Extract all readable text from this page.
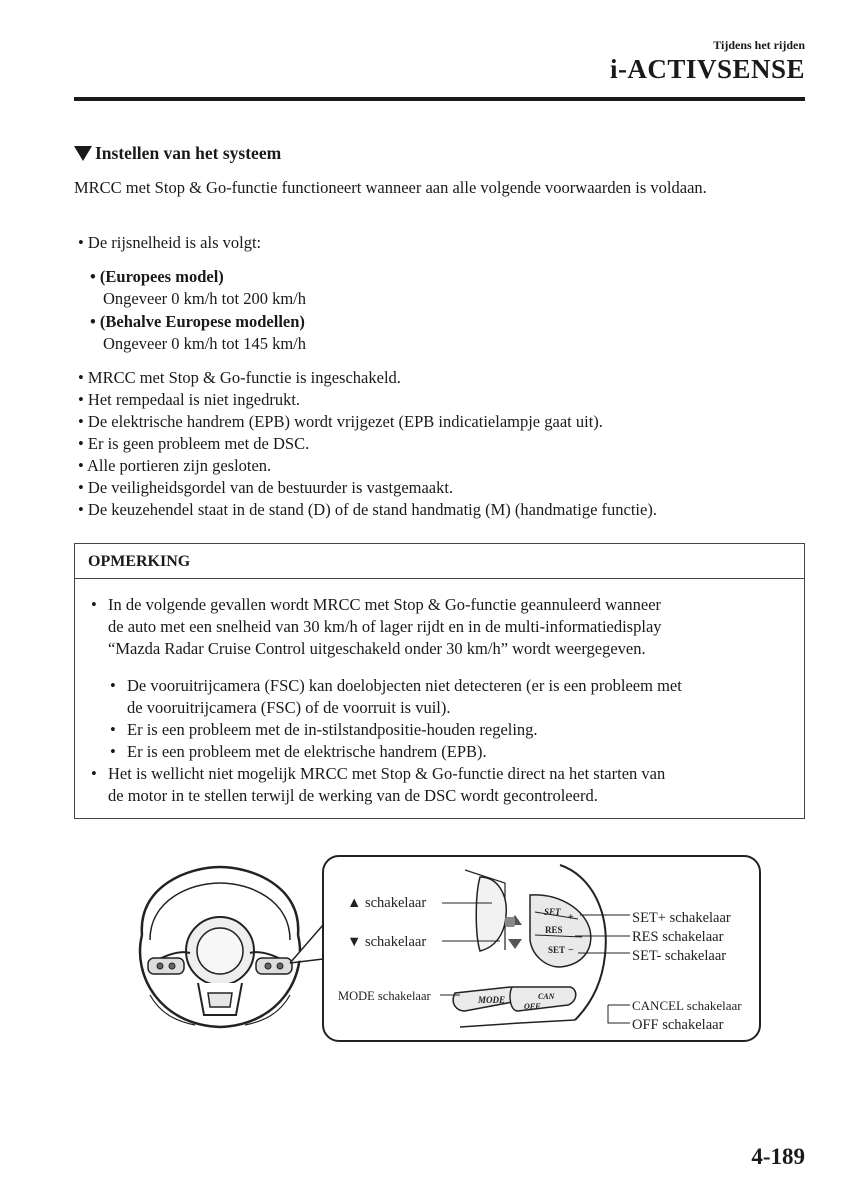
Tijdens het rijden
i-ACTIVSENSE
Instellen van het systeem
MRCC met Stop & Go-functie functioneert wanneer aan alle volgende voorwaarden is voldaan.
• De rijsnelheid is als volgt:
• (Europees model)
Ongeveer 0 km/h tot 200 km/h
• (Behalve Europese modellen)
Ongeveer 0 km/h tot 145 km/h
• MRCC met Stop & Go-functie is ingeschakeld.
• Het rempedaal is niet ingedrukt.
• De elektrische handrem (EPB) wordt vrijgezet (EPB indicatielampje gaat uit).
• Er is geen probleem met de DSC.
• Alle portieren zijn gesloten.
• De veiligheidsgordel van de bestuurder is vastgemaakt.
• De keuzehendel staat in de stand (D) of de stand handmatig (M) (handmatige functie).
OPMERKING
• In de volgende gevallen wordt MRCC met Stop & Go-functie geannuleerd wanneer
de auto met een snelheid van 30 km/h of lager rijdt en in de multi-informatiedisplay
“Mazda Radar Cruise Control uitgeschakeld onder 30 km/h” wordt weergegeven.
• De vooruitrijcamera (FSC) kan doelobjecten niet detecteren (er is een probleem met
de vooruitrijcamera (FSC) of de voorruit is vuil).
• Er is een probleem met de in-stilstandpositie-houden regeling.
• Er is een probleem met de elektrische handrem (EPB).
• Het is wellicht niet mogelijk MRCC met Stop & Go-functie direct na het starten van
de motor in te stellen terwijl de werking van de DSC wordt gecontroleerd.
SET +
RES
SET −
MODE	CAN
OFF
▲ schakelaar
▼ schakelaar
MODE schakelaar
SET+ schakelaar
RES schakelaar
SET- schakelaar
CANCEL schakelaar
OFF schakelaar
4-189
